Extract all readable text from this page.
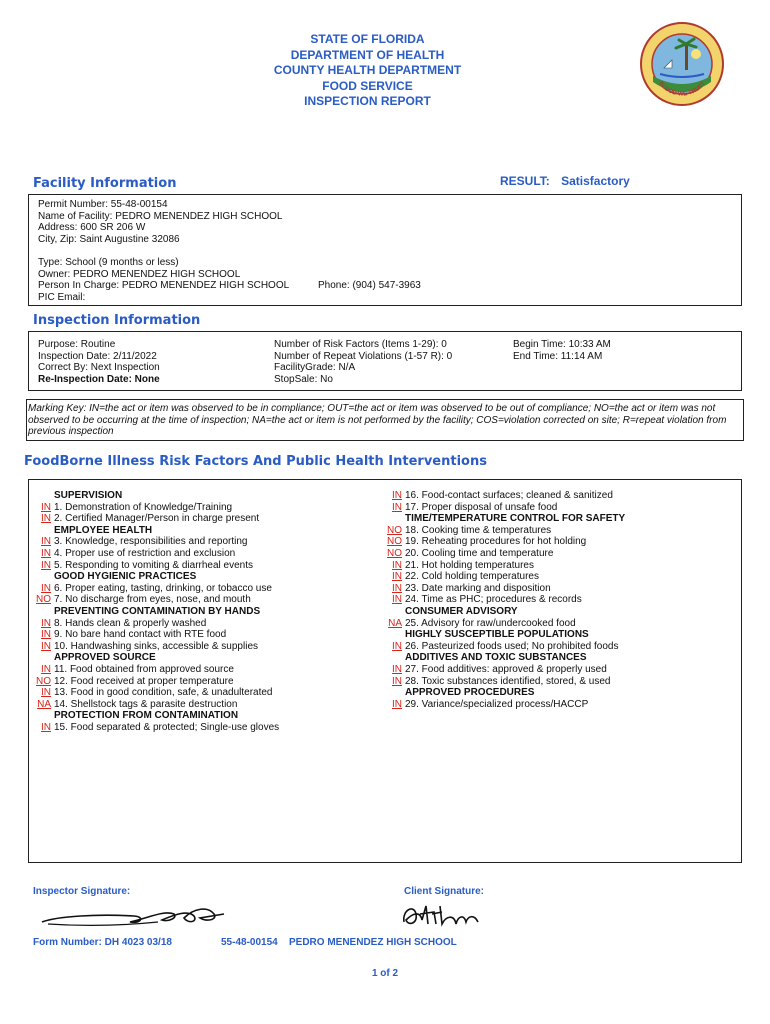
STATE OF FLORIDA
DEPARTMENT OF HEALTH
COUNTY HEALTH DEPARTMENT
FOOD SERVICE
INSPECTION REPORT
IN GOD WE TRUST
Facility Information	RESULT: Satisfactory
Permit Number: 55-48-00154
Name of Facility: PEDRO MENENDEZ HIGH SCHOOL
Address: 600 SR 206 W
City, Zip: Saint Augustine 32086
Type: School (9 months or less)
Owner: PEDRO MENENDEZ HIGH SCHOOL
Person In Charge: PEDRO MENENDEZ HIGH SCHOOL	Phone: (904) 547-3963
PIC Email:
Inspection Information
Purpose: Routine
Inspection Date: 2/11/2022
Correct By: Next Inspection
Re-Inspection Date: None
Number of Risk Factors (Items 1-29): 0
Number of Repeat Violations (1-57 R): 0
FacilityGrade: N/A
StopSale: No
Begin Time: 10:33 AM
End Time: 11:14 AM
Marking Key: IN=the act or item was observed to be in compliance; OUT=the act or item was observed to be out of compliance; NO=the act or item was not observed to be occurring at the time of inspection; NA=the act or item is not performed by the facility; COS=violation corrected on site; R=repeat violation from previous inspection
FoodBorne Illness Risk Factors And Public Health Interventions
SUPERVISION
IN 1. Demonstration of Knowledge/Training
IN 2. Certified Manager/Person in charge present
EMPLOYEE HEALTH
IN 3. Knowledge, responsibilities and reporting
IN 4. Proper use of restriction and exclusion
IN 5. Responding to vomiting & diarrheal events
GOOD HYGIENIC PRACTICES
IN 6. Proper eating, tasting, drinking, or tobacco use
NO 7. No discharge from eyes, nose, and mouth
PREVENTING CONTAMINATION BY HANDS
IN 8. Hands clean & properly washed
IN 9. No bare hand contact with RTE food
IN 10. Handwashing sinks, accessible & supplies
APPROVED SOURCE
IN 11. Food obtained from approved source
NO 12. Food received at proper temperature
IN 13. Food in good condition, safe, & unadulterated
NA 14. Shellstock tags & parasite destruction
PROTECTION FROM CONTAMINATION
IN 15. Food separated & protected; Single-use gloves
IN 16. Food-contact surfaces; cleaned & sanitized
IN 17. Proper disposal of unsafe food
TIME/TEMPERATURE CONTROL FOR SAFETY
NO 18. Cooking time & temperatures
NO 19. Reheating procedures for hot holding
NO 20. Cooling time and temperature
IN 21. Hot holding temperatures
IN 22. Cold holding temperatures
IN 23. Date marking and disposition
IN 24. Time as PHC; procedures & records
CONSUMER ADVISORY
NA 25. Advisory for raw/undercooked food
HIGHLY SUSCEPTIBLE POPULATIONS
IN 26. Pasteurized foods used; No prohibited foods
ADDITIVES AND TOXIC SUBSTANCES
IN 27. Food additives: approved & properly used
IN 28. Toxic substances identified, stored, & used
APPROVED PROCEDURES
IN 29. Variance/specialized process/HACCP
Inspector Signature:	Client Signature:
Form Number: DH 4023 03/18	55-48-00154 PEDRO MENENDEZ HIGH SCHOOL
1 of 2
